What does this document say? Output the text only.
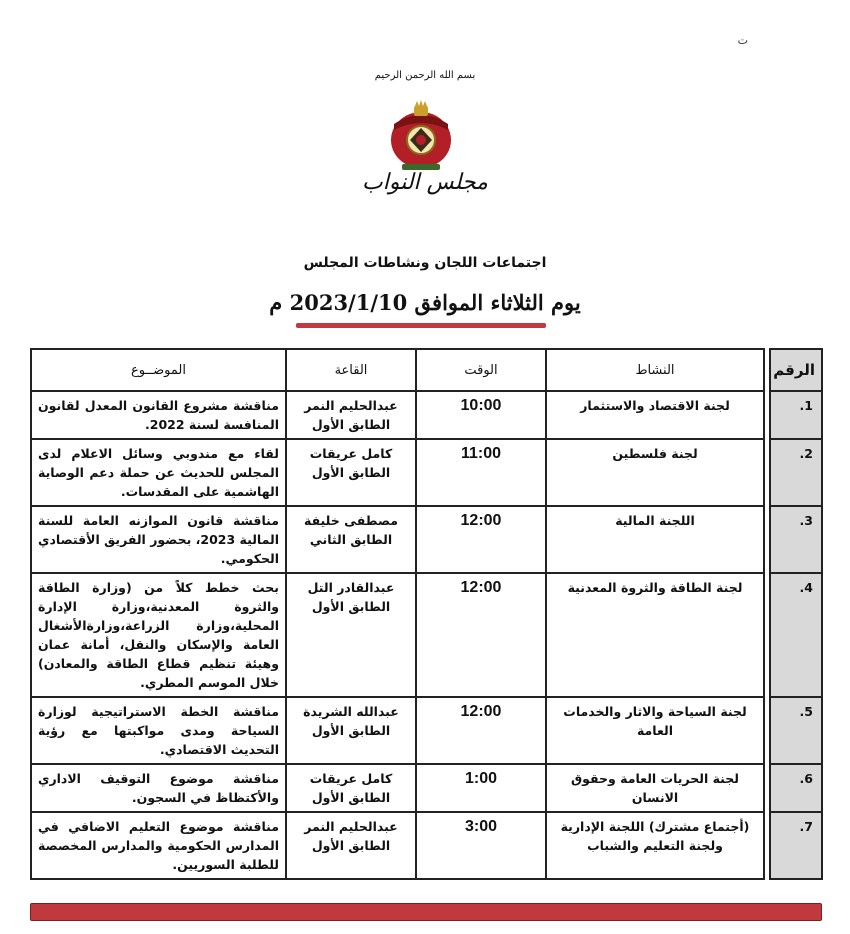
ت
بسم الله الرحمن الرحيم
مجلس النواب
اجتماعات اللجان ونشاطات المجلس
يوم الثلاثاء الموافق 2023/1/10 م
الرقم		النشاط	الوقت	القاعة	الموضــوع
1.		لجنة الاقتصاد والاستثمار	10:00	عبدالحليم النمر الطابق الأول	مناقشة مشروع القانون المعدل لقانون المنافسة لسنة 2022.
2.		لجنة فلسطين	11:00	كامل عريقات الطابق الأول	لقاء مع مندوبي وسائل الاعلام لدى المجلس للحديث عن حملة دعم الوصاية الهاشمية على المقدسات.
3.		اللجنة المالية	12:00	مصطفى خليفة الطابق الثاني	مناقشة قانون الموازنه العامة للسنة المالية 2023، بحضور الفريق الأقتصادي الحكومي.
4.		لجنة الطاقة والثروة المعدنية	12:00	عبدالقادر التل الطابق الأول	بحث خطط كلاً من (وزارة الطاقة والثروة المعدنية،وزارة الإدارة المحلية،وزارة الزراعة،وزارةالأشغال العامة والإسكان والنقل، أمانة عمان وهيئة تنظيم قطاع الطاقة والمعادن) خلال الموسم المطري.
5.		لجنة السياحة والاثار والخدمات العامة	12:00	عبدالله الشريدة الطابق الأول	مناقشة الخطة الاستراتيجية لوزارة السياحة ومدى مواكبتها مع رؤية التحديث الاقتصادي.
6.		لجنة الحريات العامة وحقوق الانسان	1:00	كامل عريقات الطابق الأول	مناقشة موضوع التوقيف الاداري والأكتظاظ في السجون.
7.		(أجتماع مشترك) اللجنة الإدارية ولجنة التعليم والشباب	3:00	عبدالحليم النمر الطابق الأول	مناقشة موضوع التعليم الاضافي في المدارس الحكومية والمدارس المخصصة للطلبة السوريين.
